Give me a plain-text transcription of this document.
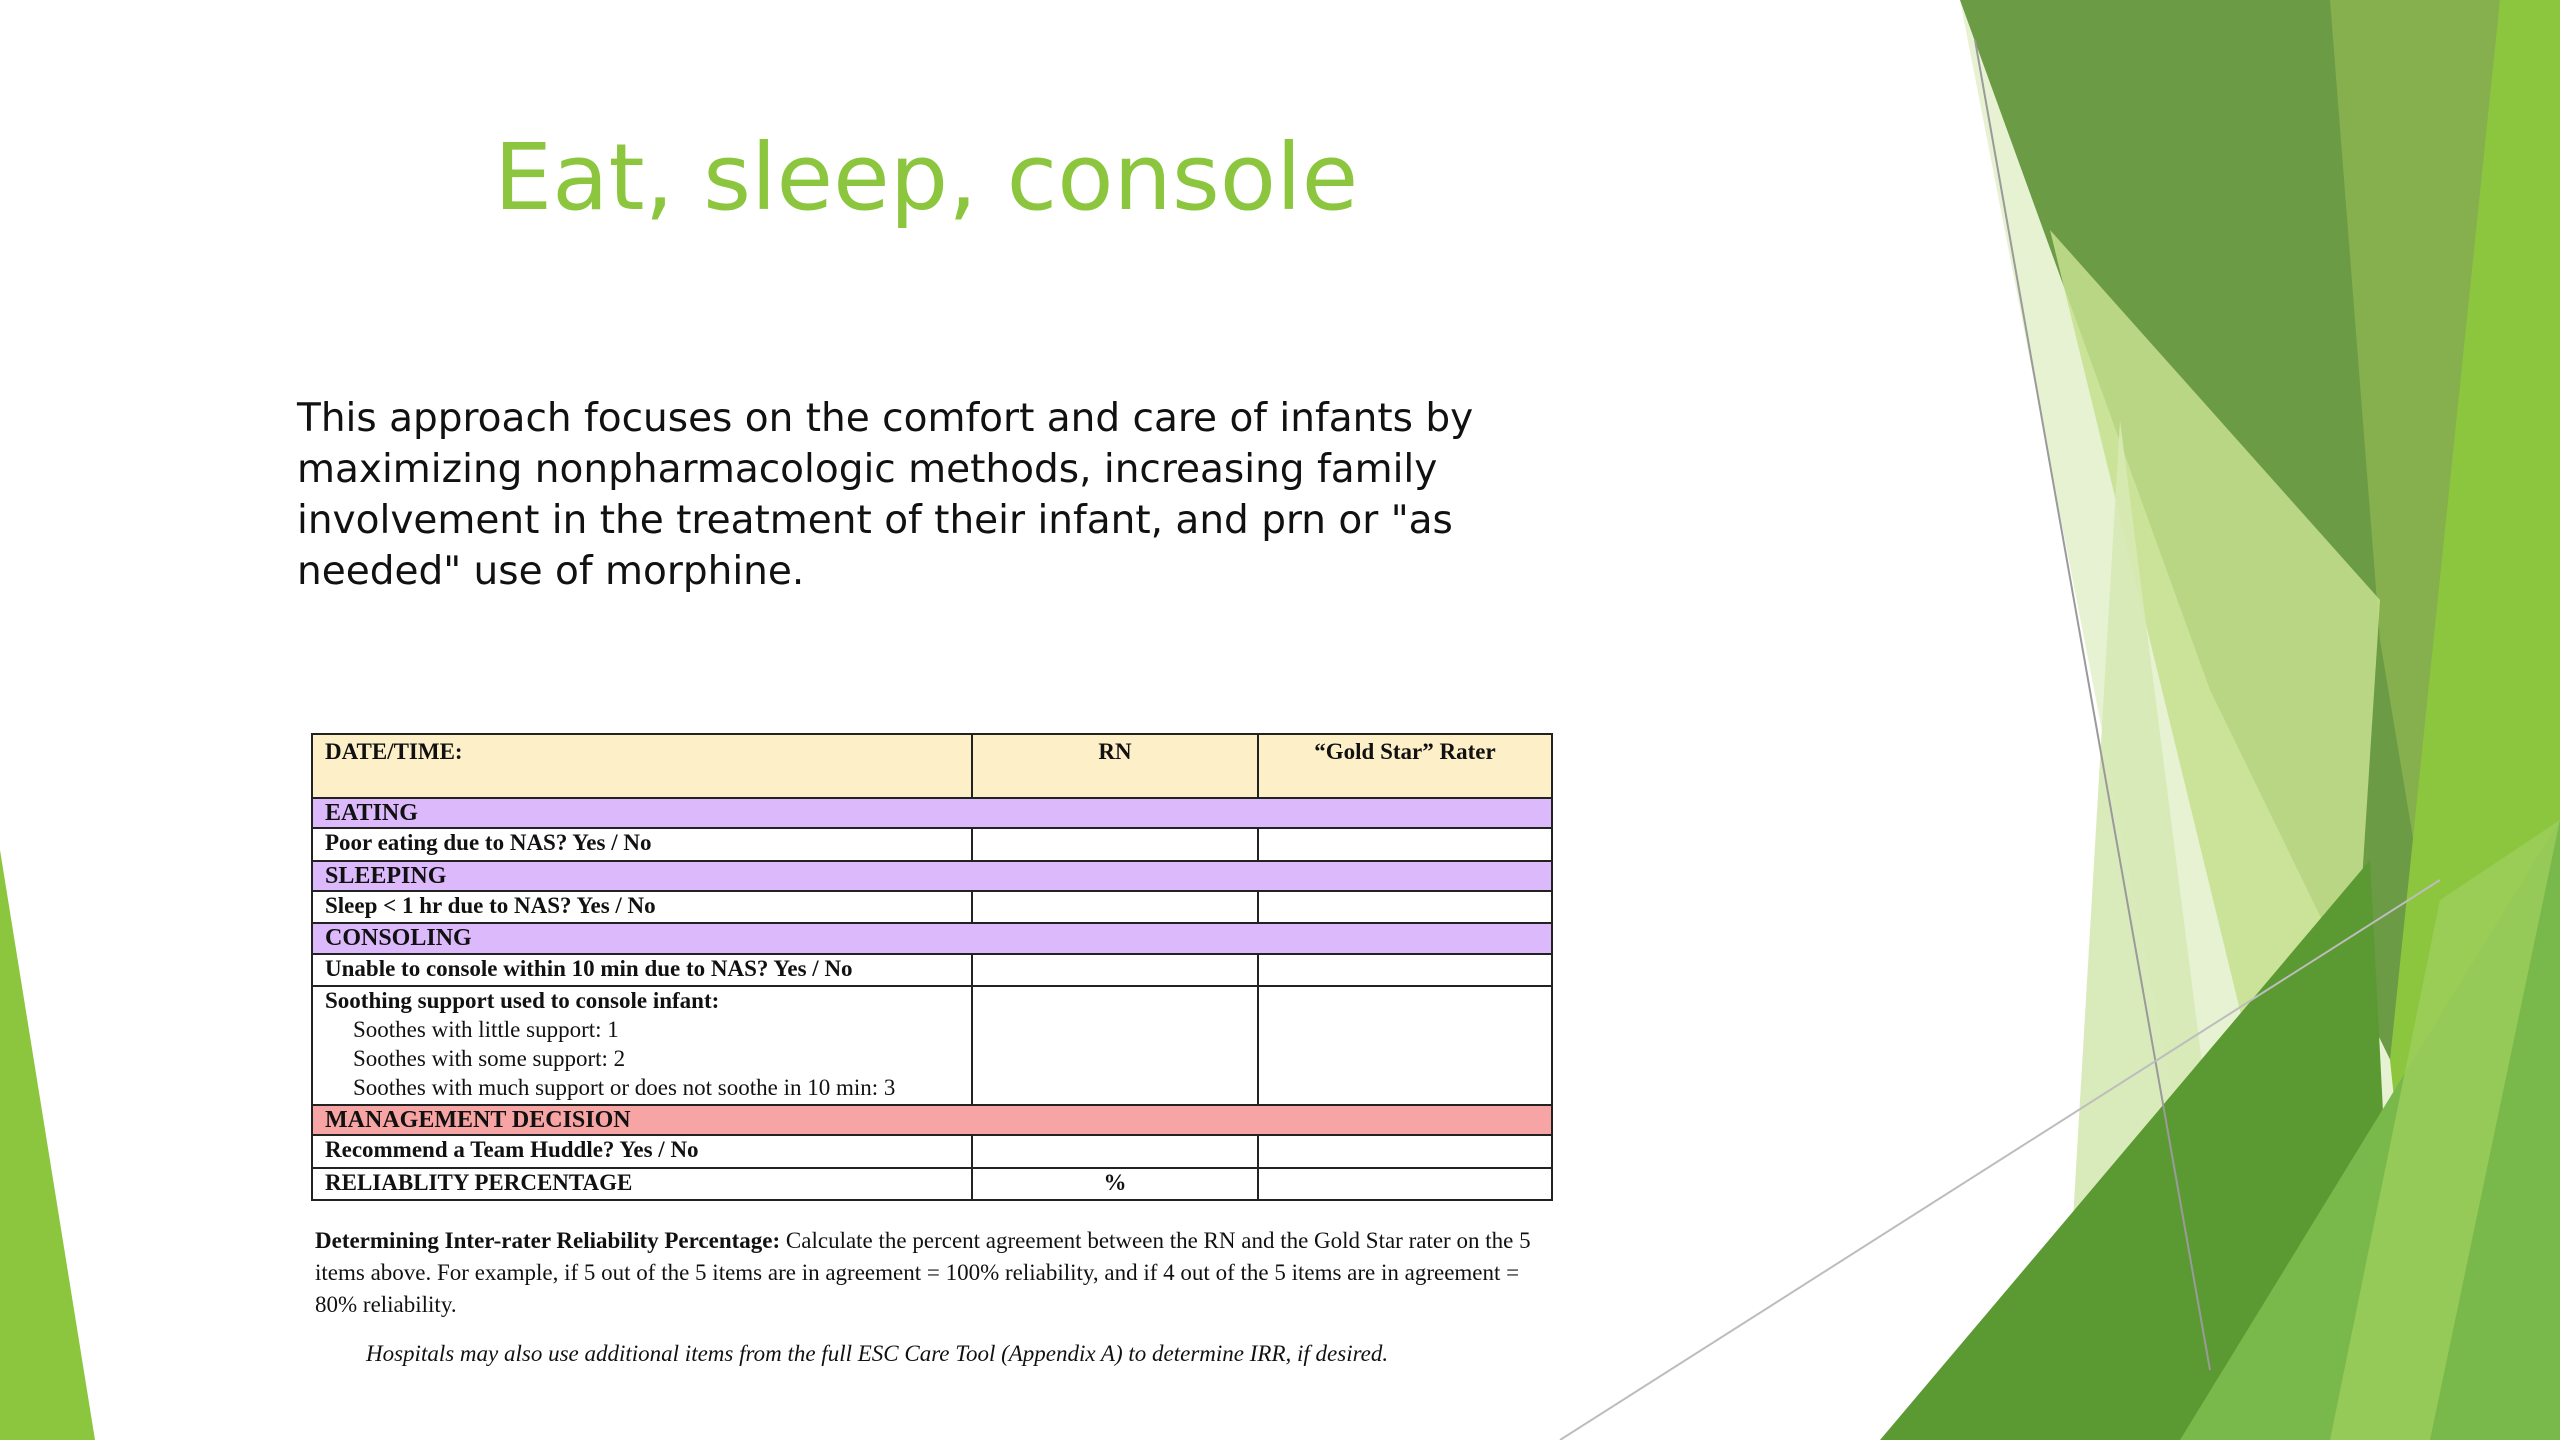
Eat, sleep, console

This approach focuses on the comfort and care of infants by maximizing nonpharmacologic methods, increasing family involvement in the treatment of their infant, and prn or "as needed" use of morphine.

DATE/TIME:	RN	“Gold Star” Rater
EATING		
Poor eating due to NAS? Yes / No		
SLEEPING		
Sleep < 1 hr due to NAS? Yes / No		
CONSOLING		
Unable to console within 10 min due to NAS? Yes / No		
Soothing support used to console infant:
Soothes with little support: 1
Soothes with some support: 2
Soothes with much support or does not soothe in 10 min: 3		

MANAGEMENT DECISION		
Recommend a Team Huddle? Yes / No		
RELIABLITY PERCENTAGE	%	

Determining Inter-rater Reliability Percentage: Calculate the percent agreement between the RN and the Gold Star rater on the 5 items above. For example, if 5 out of the 5 items are in agreement = 100% reliability, and if 4 out of the 5 items are in agreement = 80% reliability.

Hospitals may also use additional items from the full ESC Care Tool (Appendix A) to determine IRR, if desired.
